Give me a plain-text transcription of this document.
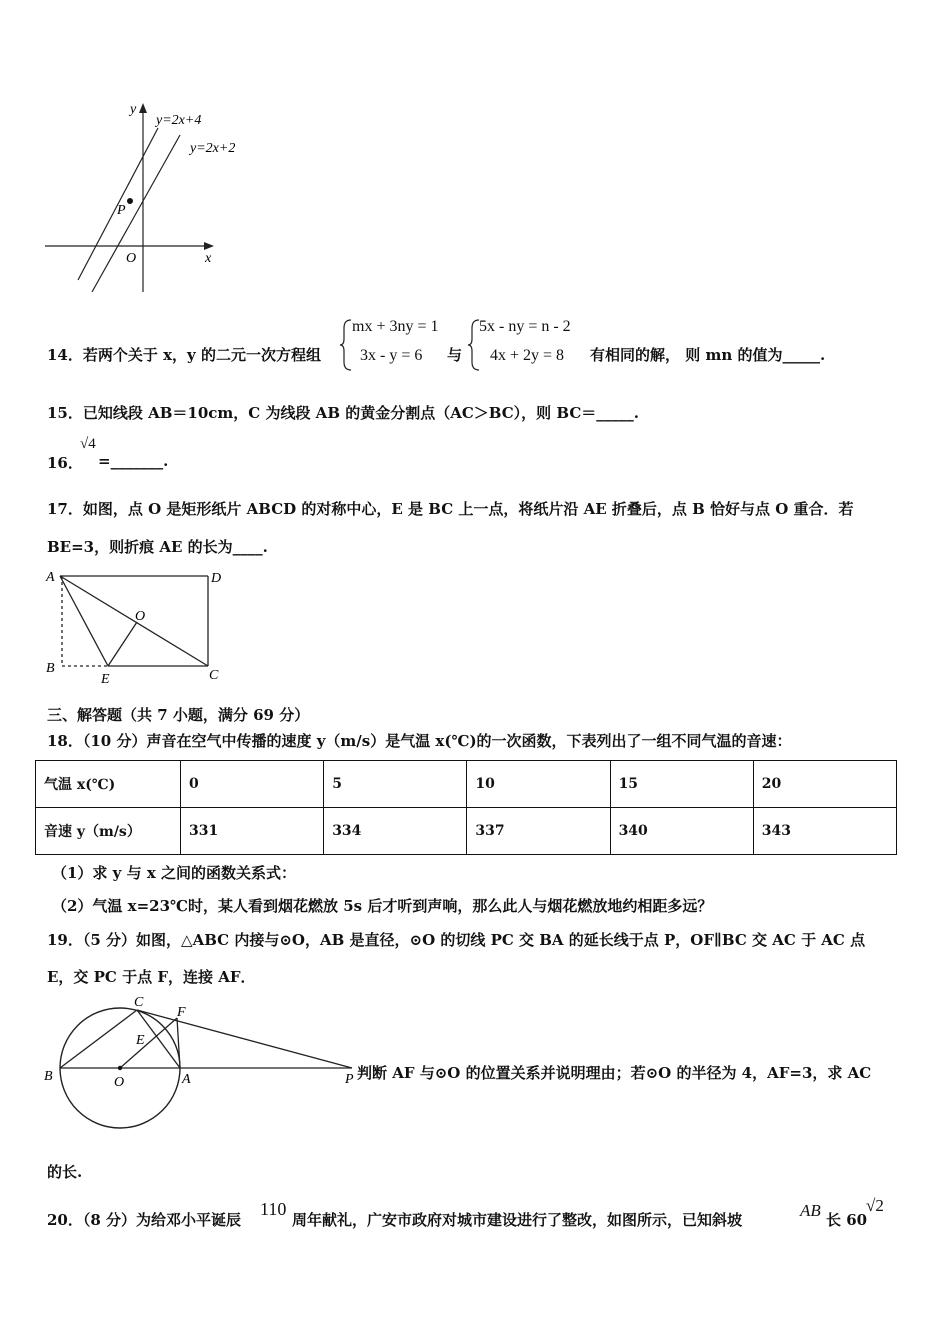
y
x
O
P
y=2x+4
y=2x+2
14．若两个关于 x，y 的二元一次方程组
mx + 3ny = 1
3x - y = 6 与
5x - ny = n - 2
4x + 2y = 8 有相同的解， 则 mn 的值为_____.
15．已知线段 AB＝10cm，C 为线段 AB 的黄金分割点（AC＞BC），则 BC＝_____.
16．
√4
=_______.
17．如图，点 O 是矩形纸片 ABCD 的对称中心，E 是 BC 上一点，将纸片沿 AE 折叠后，点 B 恰好与点 O 重合．若
BE=3，则折痕 AE 的长为____.
A	D
B	C
E
O
三、解答题（共 7 小题，满分 69 分）
18．（10 分）声音在空气中传播的速度 y（m/s）是气温 x(℃)的一次函数，下表列出了一组不同气温的音速：
气温 x(℃)	0	5	10	15	20
音速 y（m/s）	331	334	337	340	343
（1）求 y 与 x 之间的函数关系式：
（2）气温 x=23℃时，某人看到烟花燃放 5s 后才听到声响，那么此人与烟花燃放地约相距多远？
19．（5 分）如图，△ABC 内接与⊙O，AB 是直径，⊙O 的切线 PC 交 BA 的延长线于点 P，OF∥BC 交 AC 于 AC 点
E，交 PC 于点 F，连接 AF．
B	O	A	P
C
E
F
判断 AF 与⊙O 的位置关系并说明理由；若⊙O 的半径为 4，AF=3，求 AC
的长.
20．（8 分）为给邓小平诞辰
110
周年献礼，广安市政府对城市建设进行了整改，如图所示，已知斜坡	AB 长 60
√2
